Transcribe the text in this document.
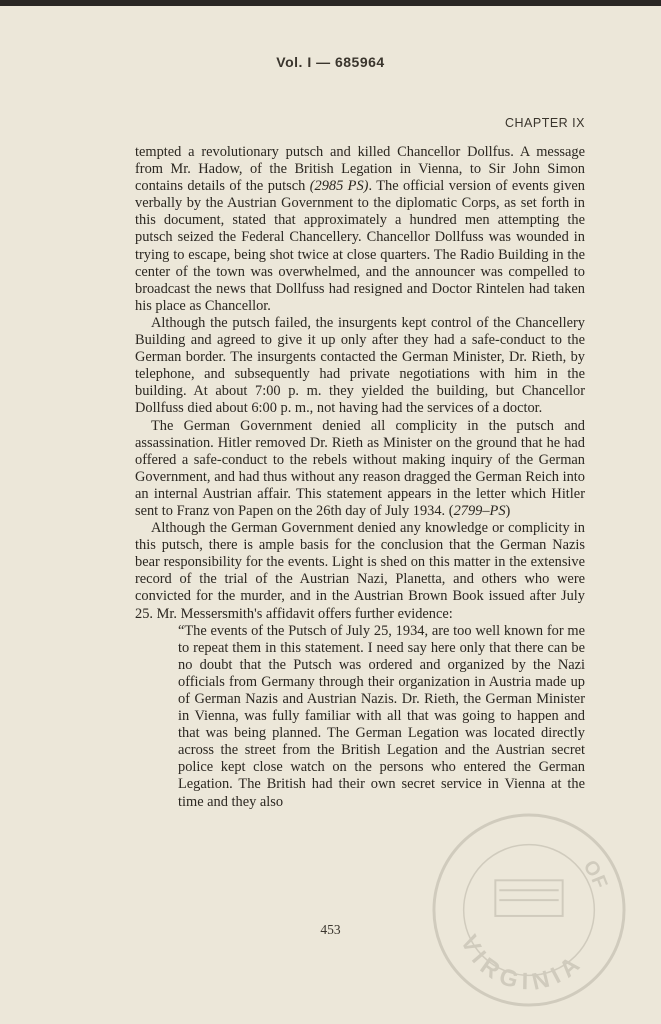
Vol. I — 685964
CHAPTER IX

tempted a revolutionary putsch and killed Chancellor Dollfus. A message from Mr. Hadow, of the British Legation in Vienna, to Sir John Simon contains details of the putsch (2985 PS). The official version of events given verbally by the Austrian Government to the diplomatic Corps, as set forth in this document, stated that approximately a hundred men attempting the putsch seized the Federal Chancellery. Chancellor Dollfuss was wounded in trying to escape, being shot twice at close quarters. The Radio Building in the center of the town was overwhelmed, and the announcer was compelled to broadcast the news that Dollfuss had resigned and Doctor Rintelen had taken his place as Chancellor.

Although the putsch failed, the insurgents kept control of the Chancellery Building and agreed to give it up only after they had a safe-conduct to the German border. The insurgents contacted the German Minister, Dr. Rieth, by telephone, and subsequently had private negotiations with him in the building. At about 7:00 p. m. they yielded the building, but Chancellor Dollfuss died about 6:00 p. m., not having had the services of a doctor.

The German Government denied all complicity in the putsch and assassination. Hitler removed Dr. Rieth as Minister on the ground that he had offered a safe-conduct to the rebels without making inquiry of the German Government, and had thus without any reason dragged the German Reich into an internal Austrian affair. This statement appears in the letter which Hitler sent to Franz von Papen on the 26th day of July 1934. (2799–PS)

Although the German Government denied any knowledge or complicity in this putsch, there is ample basis for the conclusion that the German Nazis bear responsibility for the events. Light is shed on this matter in the extensive record of the trial of the Austrian Nazi, Planetta, and others who were convicted for the murder, and in the Austrian Brown Book issued after July 25. Mr. Messersmith's affidavit offers further evidence:

“The events of the Putsch of July 25, 1934, are too well known for me to repeat them in this statement. I need say here only that there can be no doubt that the Putsch was ordered and organized by the Nazi officials from Germany through their organization in Austria made up of German Nazis and Austrian Nazis. Dr. Rieth, the German Minister in Vienna, was fully familiar with all that was going to happen and that was being planned. The German Legation was located directly across the street from the British Legation and the Austrian secret police kept close watch on the persons who entered the German Legation. The British had their own secret service in Vienna at the time and they also

453
VIRGINIA
OF
